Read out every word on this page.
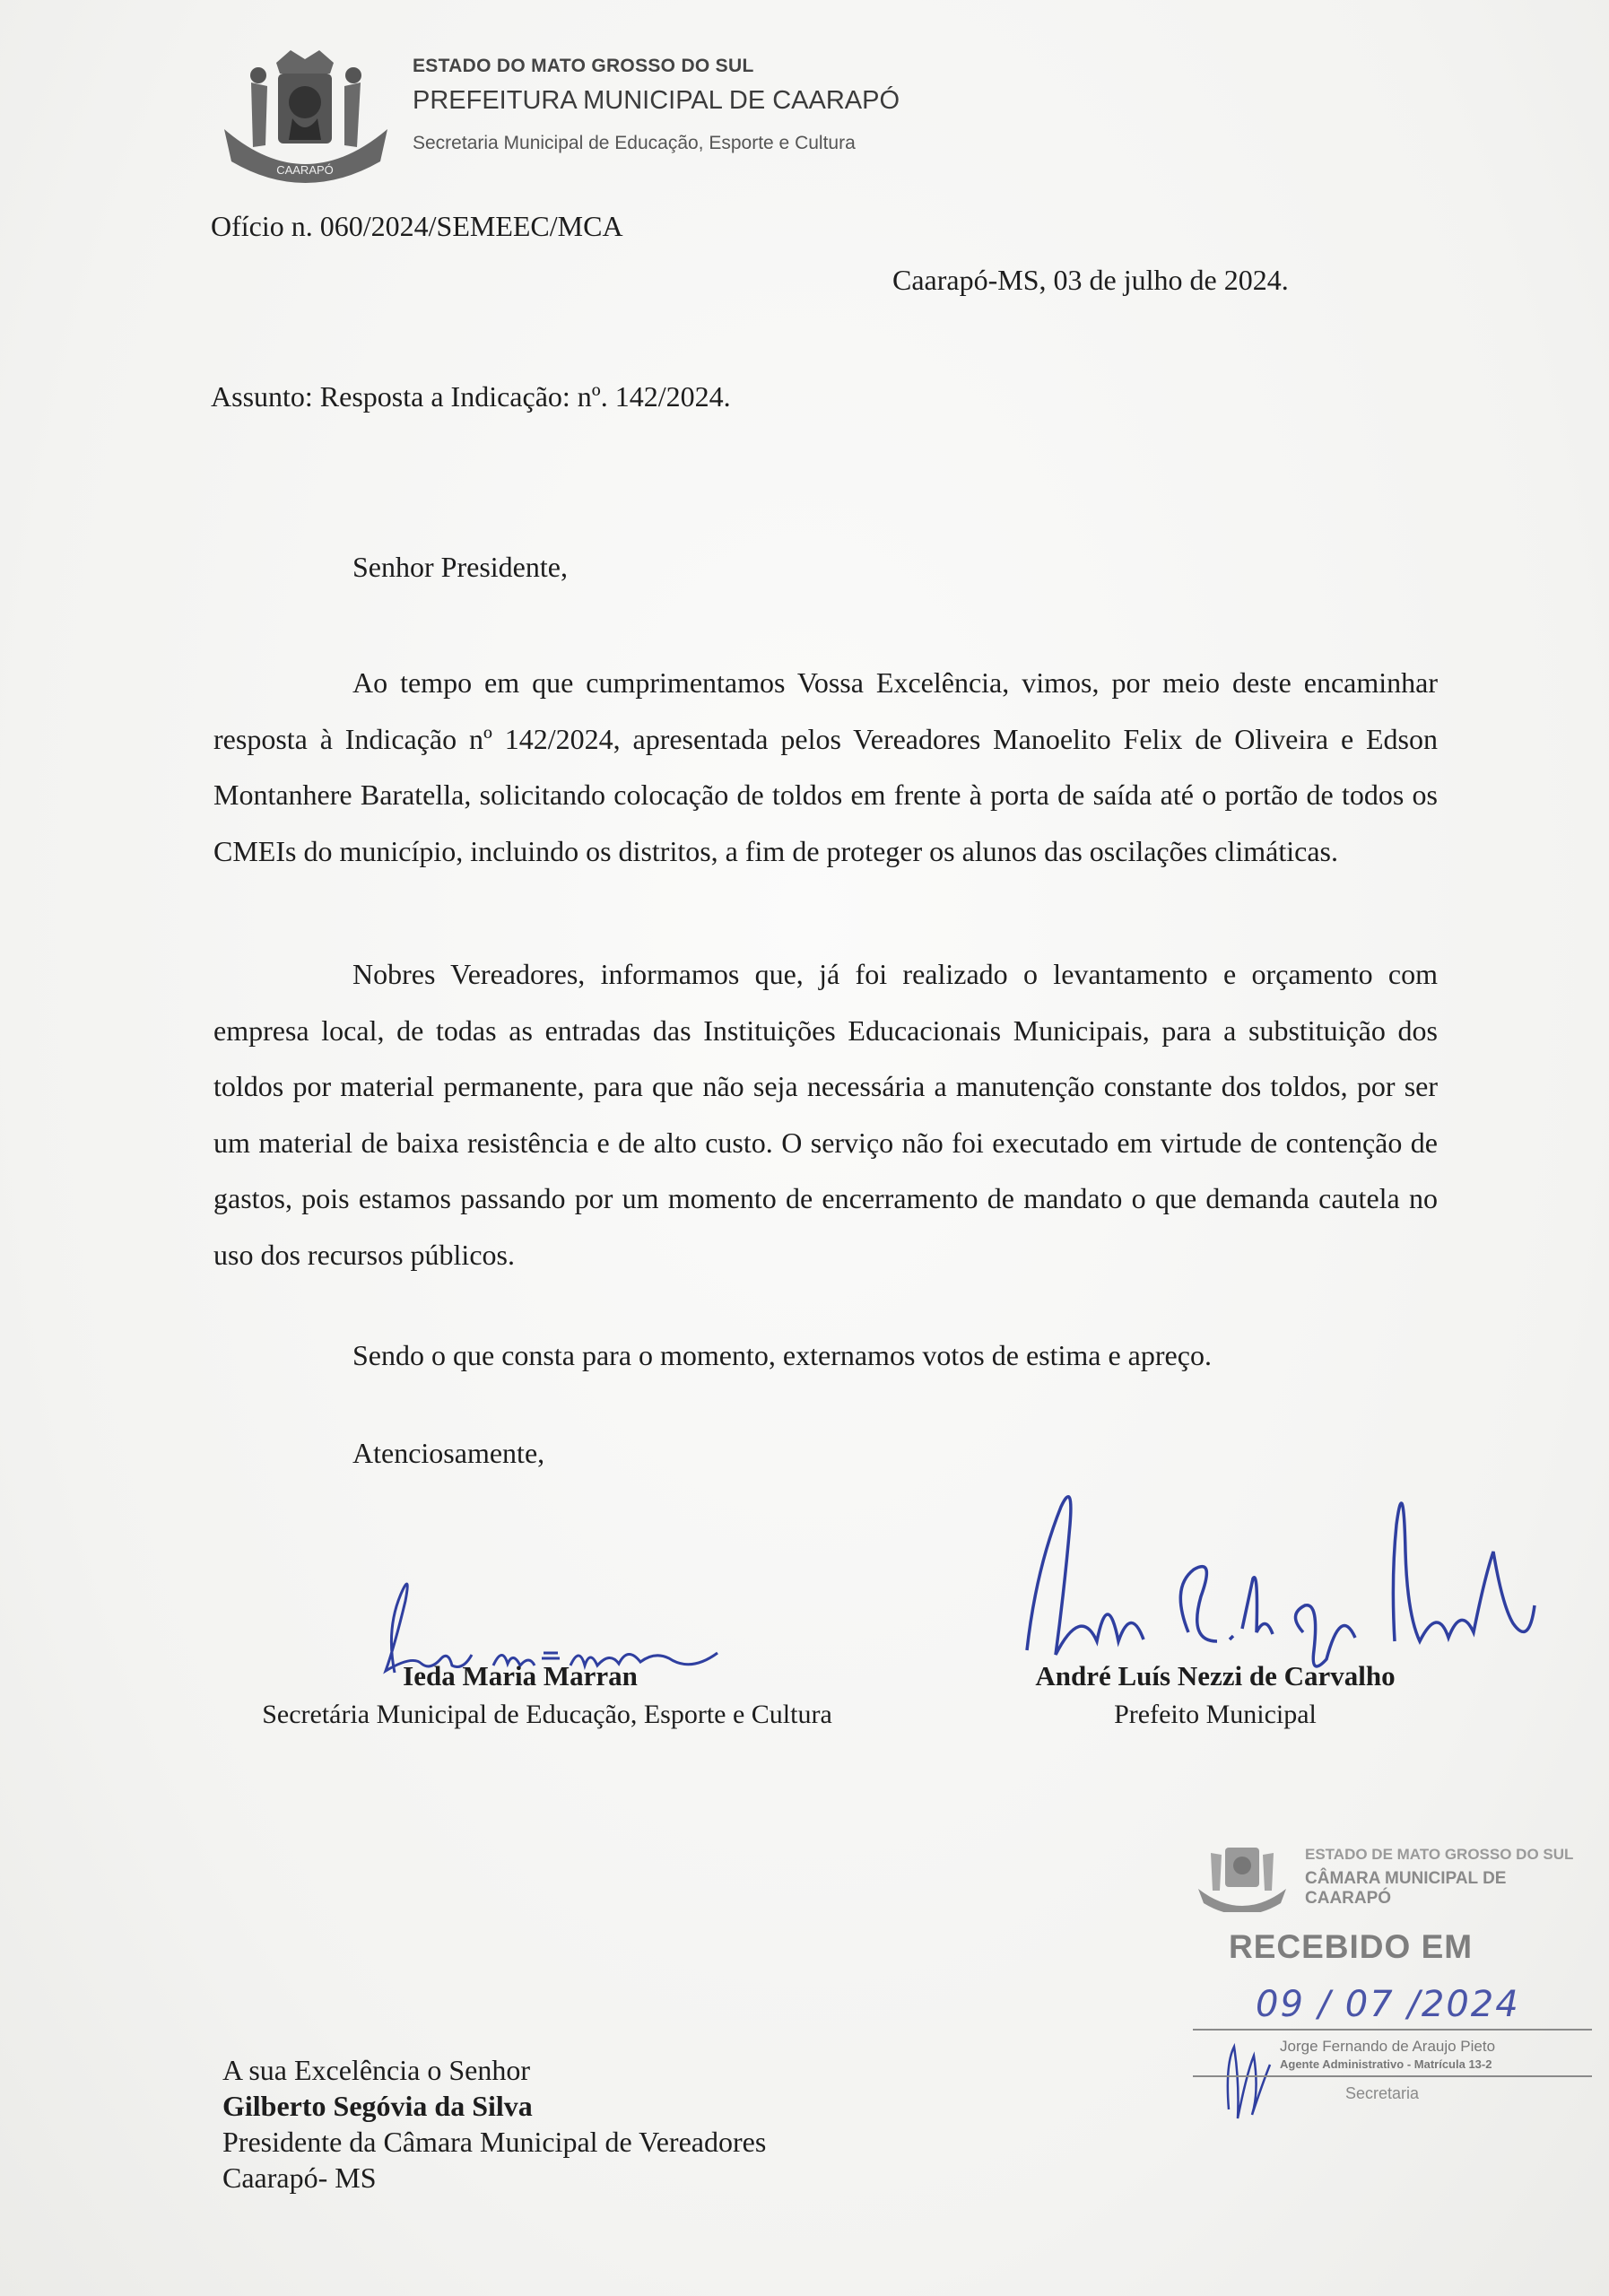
CAARAPÓ
ESTADO DO MATO GROSSO DO SUL
PREFEITURA MUNICIPAL DE CAARAPÓ
Secretaria Municipal de Educação, Esporte e Cultura
Ofício n. 060/2024/SEMEEC/MCA
Caarapó-MS, 03 de julho de 2024.
Assunto: Resposta a Indicação: nº. 142/2024.
Senhor Presidente,

Ao tempo em que cumprimentamos Vossa Excelência, vimos, por meio deste encaminhar resposta à Indicação nº 142/2024, apresentada pelos Vereadores Manoelito Felix de Oliveira e Edson Montanhere Baratella, solicitando colocação de toldos em frente à porta de saída até o portão de todos os CMEIs do município, incluindo os distritos, a fim de proteger os alunos das oscilações climáticas.

Nobres Vereadores, informamos que, já foi realizado o levantamento e orçamento com empresa local, de todas as entradas das Instituições Educacionais Municipais, para a substituição dos toldos por material permanente, para que não seja necessária a manutenção constante dos toldos, por ser um material de baixa resistência e de alto custo. O serviço não foi executado em virtude de contenção de gastos, pois estamos passando por um momento de encerramento de mandato o que demanda cautela no uso dos recursos públicos.

Sendo o que consta para o momento, externamos votos de estima e apreço.

Atenciosamente,
Ieda Maria Marran
Secretária Municipal de Educação, Esporte e Cultura
André Luís Nezzi de Carvalho
Prefeito Municipal
ESTADO DE MATO GROSSO DO SUL
CÂMARA MUNICIPAL DE CAARAPÓ
RECEBIDO EM
09 / 07 /2024
Jorge Fernando de Araujo Pieto
Agente Administrativo - Matrícula 13-2
Secretaria
A sua Excelência o Senhor
Gilberto Segóvia da Silva
Presidente da Câmara Municipal de Vereadores
Caarapó- MS
